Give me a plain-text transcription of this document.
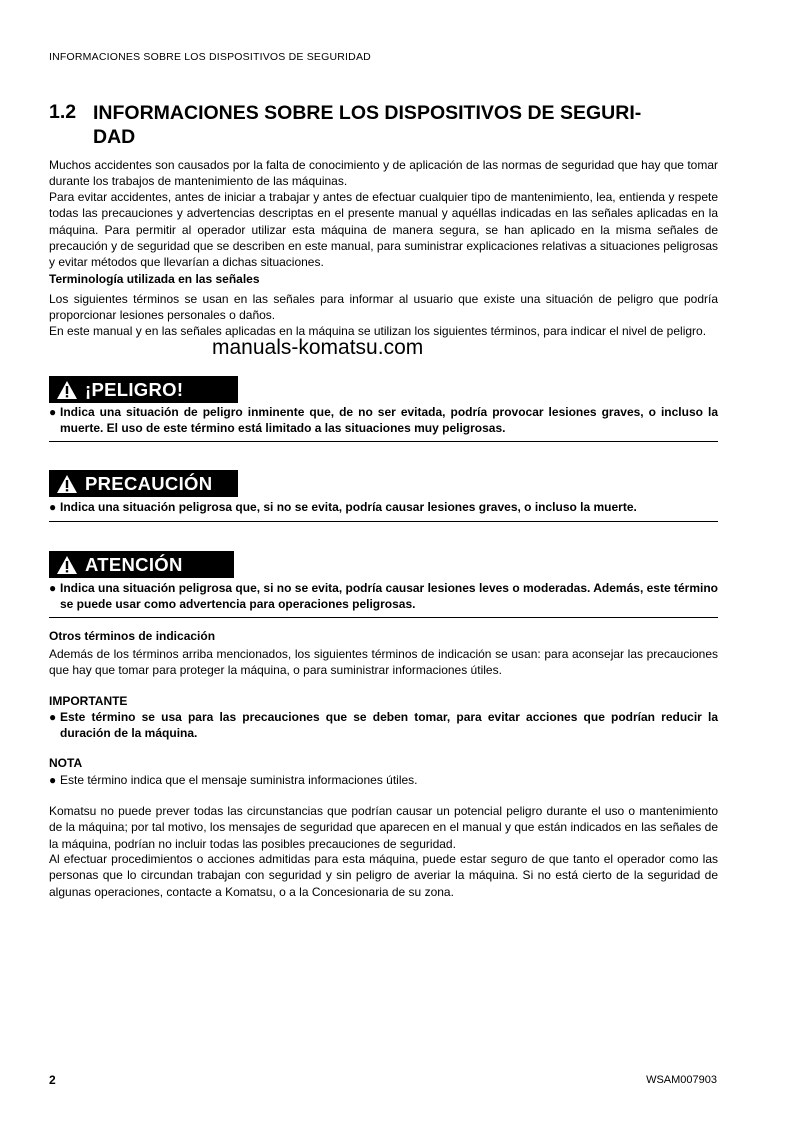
INFORMACIONES SOBRE LOS DISPOSITIVOS DE SEGURIDAD
1.2 INFORMACIONES SOBRE LOS DISPOSITIVOS DE SEGURI-
DAD
Muchos accidentes son causados por la falta de conocimiento y de aplicación de las normas de seguridad que hay que tomar durante los trabajos de mantenimiento de las máquinas.
Para evitar accidentes, antes de iniciar a trabajar y antes de efectuar cualquier tipo de mantenimiento, lea, entienda y respete todas las precauciones y advertencias descriptas en el presente manual y aquéllas indicadas en las señales aplicadas en la máquina. Para permitir al operador utilizar esta máquina de manera segura, se han aplicado en la misma señales de precaución y de seguridad que se describen en este manual, para suministrar explicaciones relativas a situaciones peligrosas y evitar métodos que llevarían a dichas situaciones.
Terminología utilizada en las señales
Los siguientes términos se usan en las señales para informar al usuario que existe una situación de peligro que podría proporcionar lesiones personales o daños.
En este manual y en las señales aplicadas en la máquina se utilizan los siguientes términos, para indicar el nivel de peligro.
manuals-komatsu.com
¡PELIGRO!
● Indica una situación de peligro inminente que, de no ser evitada, podría provocar lesiones graves, o incluso la muerte. El uso de este término está limitado a las situaciones muy peligrosas.
PRECAUCIÓN
● Indica una situación peligrosa que, si no se evita, podría causar lesiones graves, o incluso la muerte.
ATENCIÓN
● Indica una situación peligrosa que, si no se evita, podría causar lesiones leves o moderadas. Además, este término se puede usar como advertencia para operaciones peligrosas.
Otros términos de indicación
Además de los términos arriba mencionados, los siguientes términos de indicación se usan: para aconsejar las precauciones que hay que tomar para proteger la máquina, o para suministrar informaciones útiles.
IMPORTANTE
● Este término se usa para las precauciones que se deben tomar, para evitar acciones que podrían reducir la duración de la máquina.
NOTA
● Este término indica que el mensaje suministra informaciones útiles.
Komatsu no puede prever todas las circunstancias que podrían causar un potencial peligro durante el uso o mantenimiento de la máquina; por tal motivo, los mensajes de seguridad que aparecen en el manual y que están indicados en las señales de la máquina, podrían no incluir todas las posibles precauciones de seguridad.
Al efectuar procedimientos o acciones admitidas para esta máquina, puede estar seguro de que tanto el operador como las personas que lo circundan trabajan con seguridad y sin peligro de averiar la máquina. Si no está cierto de la seguridad de algunas operaciones, contacte a Komatsu, o a la Concesionaria de su zona.
2	WSAM007903
